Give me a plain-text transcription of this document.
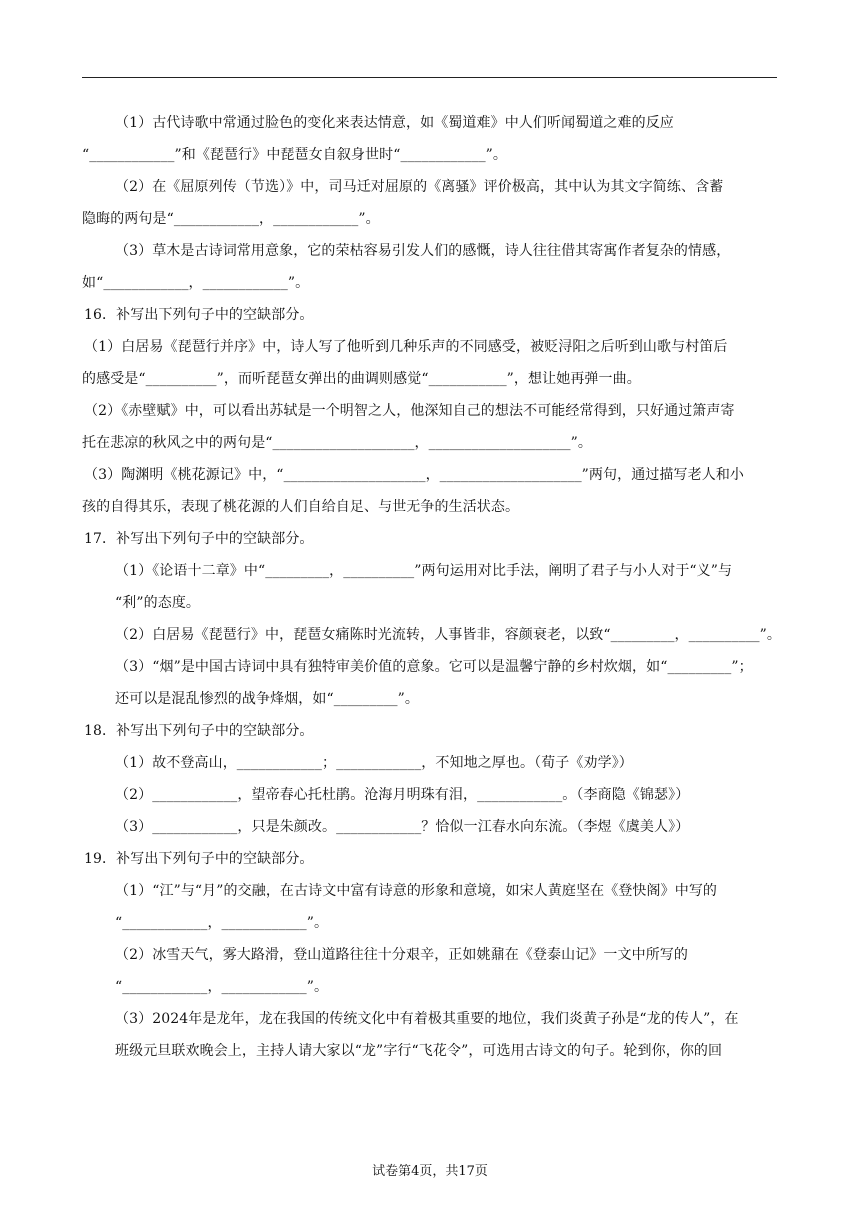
（1）古代诗歌中常通过脸色的变化来表达情意，如《蜀道难》中人们听闻蜀道之难的反应
“____________”和《琵琶行》中琵琶女自叙身世时“____________”。
（2）在《屈原列传（节选）》中，司马迁对屈原的《离骚》评价极高，其中认为其文字简练、含蓄
隐晦的两句是“____________，____________”。
（3）草木是古诗词常用意象，它的荣枯容易引发人们的感慨，诗人往往借其寄寓作者复杂的情感，
如“____________，____________”。
16．补写出下列句子中的空缺部分。
（1）白居易《琵琶行并序》中，诗人写了他听到几种乐声的不同感受，被贬浔阳之后听到山歌与村笛后
的感受是“__________”，而听琵琶女弹出的曲调则感觉“___________”，想让她再弹一曲。
（2）《赤壁赋》中，可以看出苏轼是一个明智之人，他深知自己的想法不可能经常得到，只好通过箫声寄
托在悲凉的秋风之中的两句是“____________________，____________________”。
（3）陶渊明《桃花源记》中，“____________________，____________________”两句，通过描写老人和小
孩的自得其乐，表现了桃花源的人们自给自足、与世无争的生活状态。
17．补写出下列句子中的空缺部分。
（1）《论语十二章》中“_________，__________”两句运用对比手法，阐明了君子与小人对于“义”与
“利”的态度。
（2）白居易《琵琶行》中，琵琶女痛陈时光流转，人事皆非，容颜衰老，以致“_________，__________”。
（3）“烟”是中国古诗词中具有独特审美价值的意象。它可以是温馨宁静的乡村炊烟，如“_________”；
还可以是混乱惨烈的战争烽烟，如“_________”。
18．补写出下列句子中的空缺部分。
（1）故不登高山，____________；____________，不知地之厚也。（荀子《劝学》）
（2）____________，望帝春心托杜鹃。沧海月明珠有泪，____________。（李商隐《锦瑟》）
（3）____________，只是朱颜改。____________？恰似一江春水向东流。（李煜《虞美人》）
19．补写出下列句子中的空缺部分。
（1）“江”与“月”的交融，在古诗文中富有诗意的形象和意境，如宋人黄庭坚在《登快阁》中写的
“____________，____________”。
（2）冰雪天气，雾大路滑，登山道路往往十分艰辛，正如姚鼐在《登泰山记》一文中所写的
“____________，____________”。
（3）2024年是龙年，龙在我国的传统文化中有着极其重要的地位，我们炎黄子孙是“龙的传人”，在
班级元旦联欢晚会上，主持人请大家以“龙”字行“飞花令”，可选用古诗文的句子。轮到你，你的回
试卷第4页，共17页
